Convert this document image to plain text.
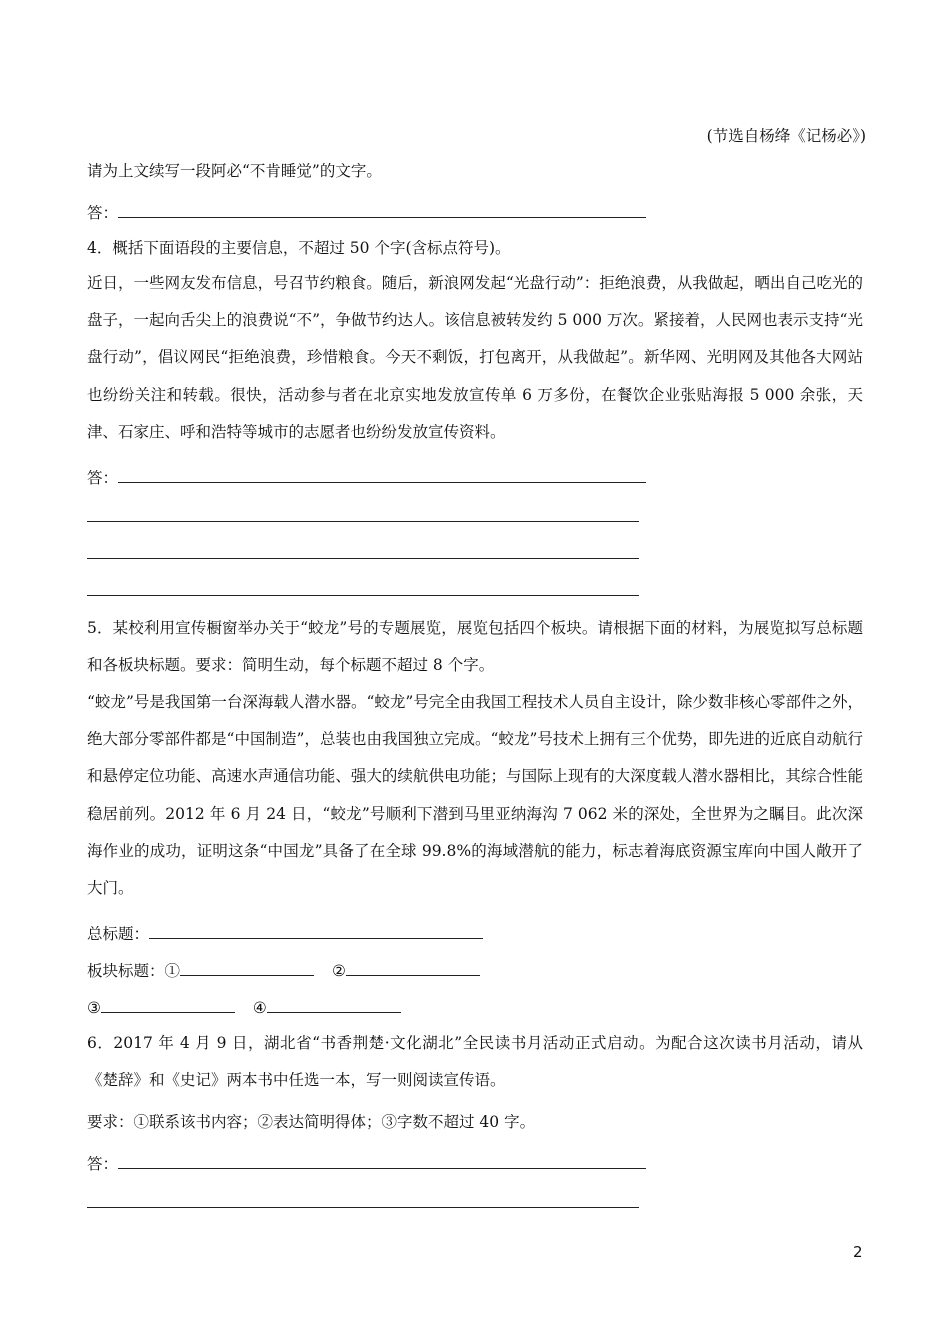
(节选自杨绛《记杨必》)
请为上文续写一段阿必“不肯睡觉”的文字。
答：
4．概括下面语段的主要信息，不超过 50 个字(含标点符号)。
近日，一些网友发布信息，号召节约粮食。随后，新浪网发起“光盘行动”：拒绝浪费，从我做起，晒出自己吃光的盘子，一起向舌尖上的浪费说“不”，争做节约达人。该信息被转发约 5 000 万次。紧接着，人民网也表示支持“光盘行动”，倡议网民“拒绝浪费，珍惜粮食。今天不剩饭，打包离开，从我做起”。新华网、光明网及其他各大网站也纷纷关注和转载。很快，活动参与者在北京实地发放宣传单 6 万多份，在餐饮企业张贴海报 5 000 余张，天津、石家庄、呼和浩特等城市的志愿者也纷纷发放宣传资料。
答：
5．某校利用宣传橱窗举办关于“蛟龙”号的专题展览，展览包括四个板块。请根据下面的材料，为展览拟写总标题和各板块标题。要求：简明生动，每个标题不超过 8 个字。
“蛟龙”号是我国第一台深海载人潜水器。“蛟龙”号完全由我国工程技术人员自主设计，除少数非核心零部件之外，绝大部分零部件都是“中国制造”，总装也由我国独立完成。“蛟龙”号技术上拥有三个优势，即先进的近底自动航行和悬停定位功能、高速水声通信功能、强大的续航供电功能；与国际上现有的大深度载人潜水器相比，其综合性能稳居前列。2012 年 6 月 24 日，“蛟龙”号顺利下潜到马里亚纳海沟 7 062 米的深处，全世界为之瞩目。此次深海作业的成功，证明这条“中国龙”具备了在全球 99.8%的海域潜航的能力，标志着海底资源宝库向中国人敞开了大门。
总标题：
板块标题：①	②
③	④
6．2017 年 4 月 9 日，湖北省“书香荆楚·文化湖北”全民读书月活动正式启动。为配合这次读书月活动，请从《楚辞》和《史记》两本书中任选一本，写一则阅读宣传语。
要求：①联系该书内容；②表达简明得体；③字数不超过 40 字。
答：
2
